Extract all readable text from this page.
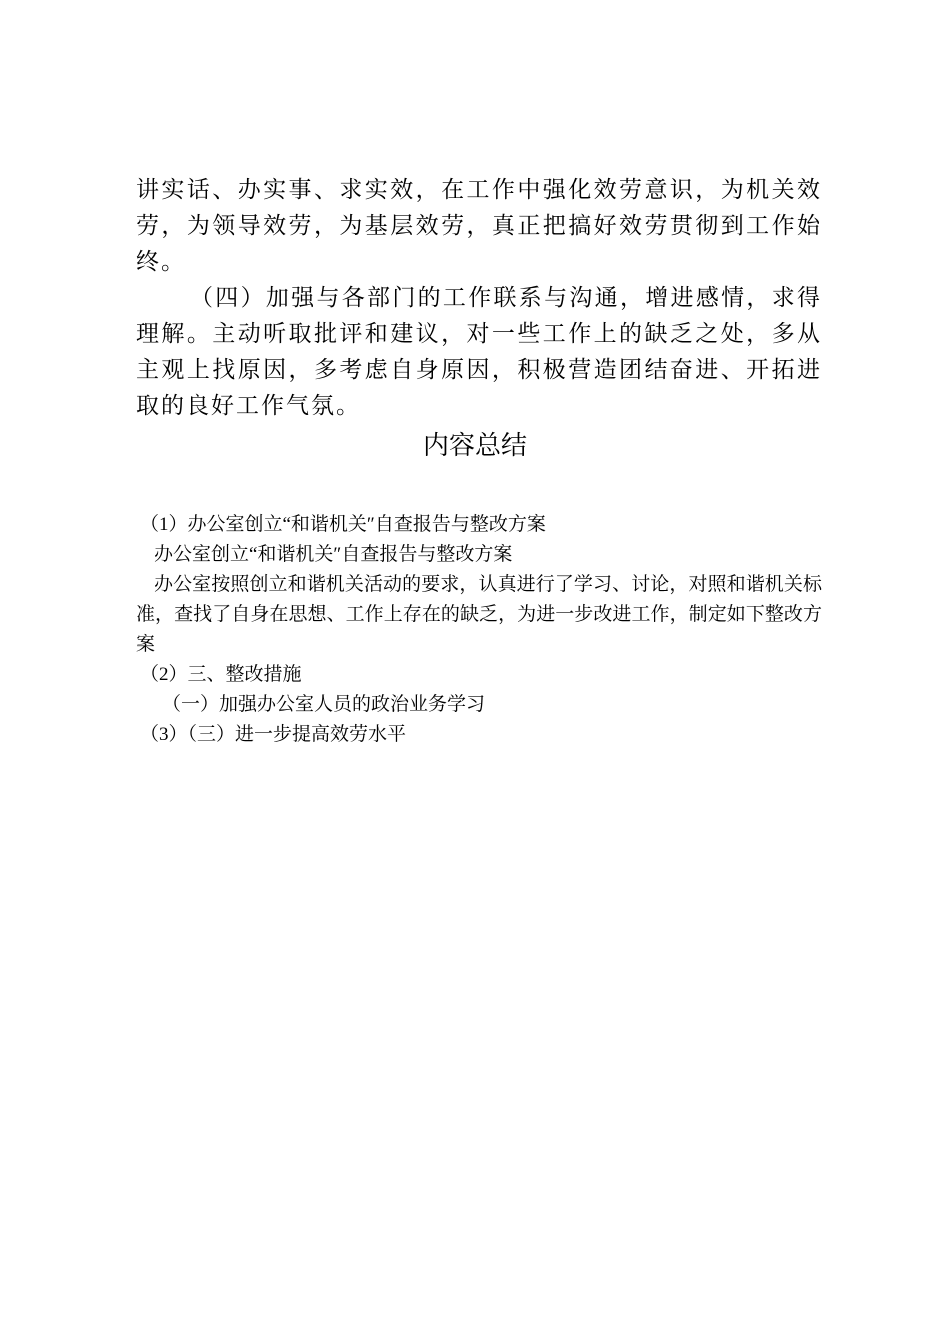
讲实话、办实事、求实效，在工作中强化效劳意识，为机关效劳，为领导效劳，为基层效劳，真正把搞好效劳贯彻到工作始终。

（四）加强与各部门的工作联系与沟通，增进感情，求得理解。主动听取批评和建议，对一些工作上的缺乏之处，多从主观上找原因，多考虑自身原因，积极营造团结奋进、开拓进取的良好工作气氛。

内容总结

（1）办公室创立“和谐机关″自查报告与整改方案

办公室创立“和谐机关″自查报告与整改方案

办公室按照创立和谐机关活动的要求，认真进行了学习、讨论，对照和谐机关标准，查找了自身在思想、工作上存在的缺乏，为进一步改进工作，制定如下整改方案

（2）三、整改措施

（一）加强办公室人员的政治业务学习

（3）（三）进一步提高效劳水平
